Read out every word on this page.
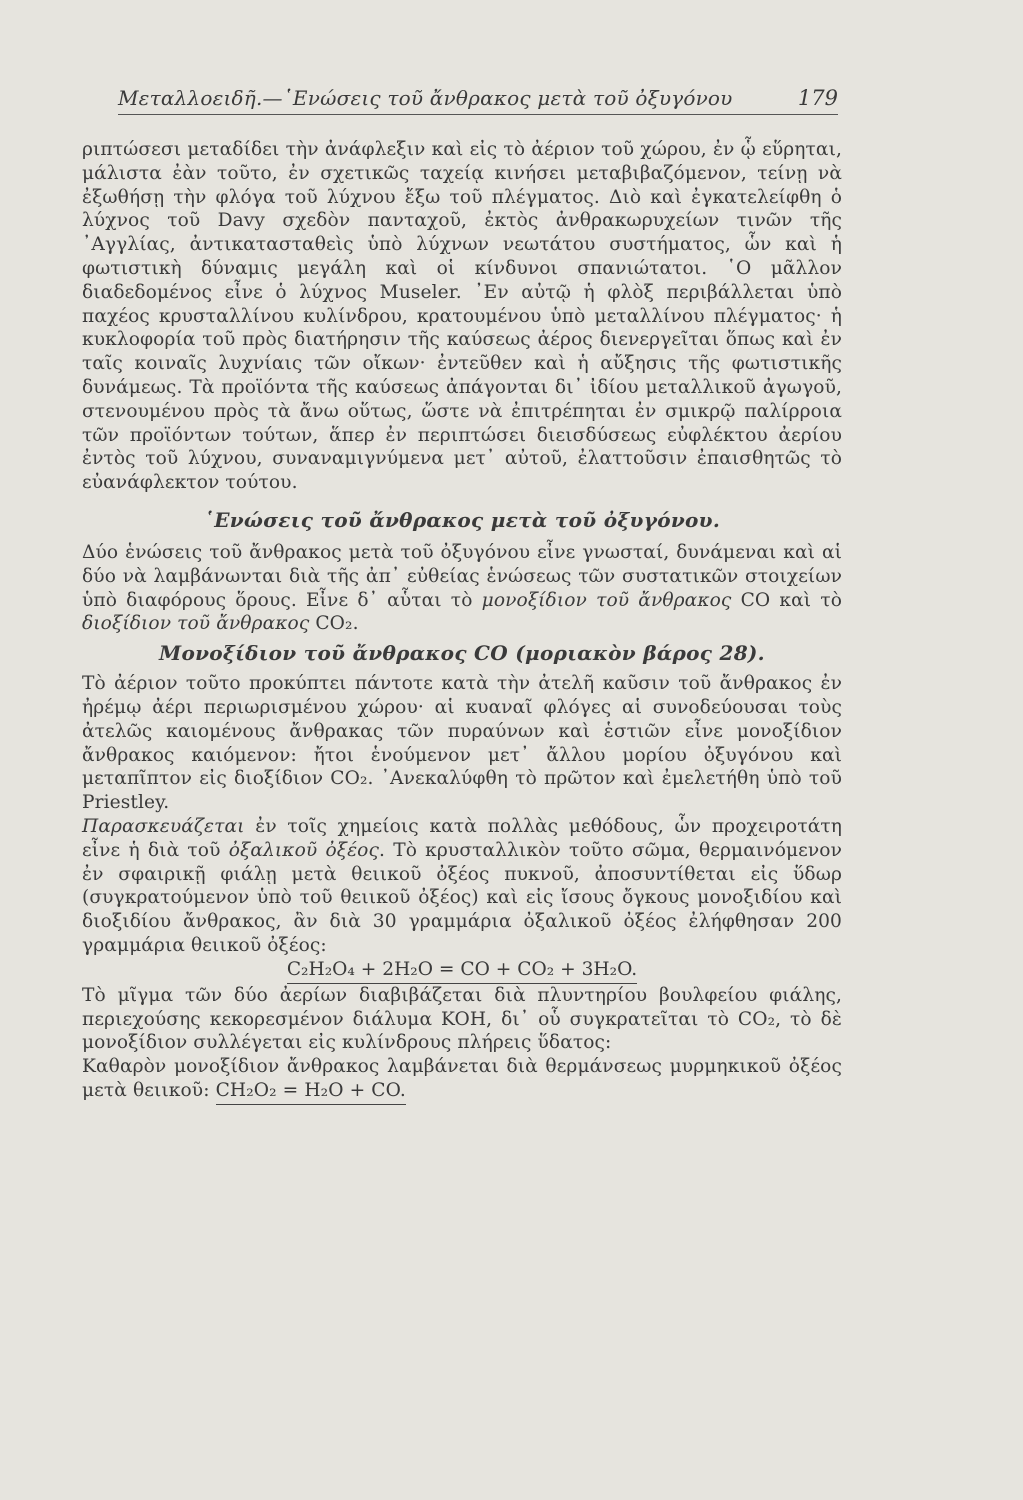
Μεταλλοειδῆ.—῾Ενώσεις τοῦ ἄνθρακος μετὰ τοῦ ὀξυγόνου	179

ριπτώσεσι μεταδίδει τὴν ἀνάφλεξιν καὶ εἰς τὸ ἀέριον τοῦ χώρου, ἐν ᾧ εὕρηται, μάλιστα ἐὰν τοῦτο, ἐν σχετικῶς ταχείᾳ κινήσει μεταβιβαζόμενον, τείνῃ νὰ ἐξωθήσῃ τὴν φλόγα τοῦ λύχνου ἔξω τοῦ πλέγματος. Διὸ καὶ ἐγκατελείφθη ὁ λύχνος τοῦ Davy σχεδὸν πανταχοῦ, ἐκτὸς ἀνθρακωρυχείων τινῶν τῆς ᾿Αγγλίας, ἀντικατασταθεὶς ὑπὸ λύχνων νεωτάτου συστήματος, ὧν καὶ ἡ φωτιστικὴ δύναμις μεγάλη καὶ οἱ κίνδυνοι σπανιώτατοι. ῾Ο μᾶλλον διαδεδομένος εἶνε ὁ λύχνος Museler. ᾿Εν αὐτῷ ἡ φλὸξ περιβάλλεται ὑπὸ παχέος κρυσταλλίνου κυλίνδρου, κρατουμένου ὑπὸ μεταλλίνου πλέγματος· ἡ κυκλοφορία τοῦ πρὸς διατήρησιν τῆς καύσεως ἀέρος διενεργεῖται ὅπως καὶ ἐν ταῖς κοιναῖς λυχνίαις τῶν οἴκων· ἐντεῦθεν καὶ ἡ αὔξησις τῆς φωτιστικῆς δυνάμεως. Τὰ προϊόντα τῆς καύσεως ἀπάγονται δι᾿ ἰδίου μεταλλικοῦ ἀγωγοῦ, στενουμένου πρὸς τὰ ἄνω οὕτως, ὥστε νὰ ἐπιτρέπηται ἐν σμικρῷ παλίρροια τῶν προϊόντων τούτων, ἅπερ ἐν περιπτώσει διεισδύσεως εὐφλέκτου ἀερίου ἐντὸς τοῦ λύχνου, συναναμιγνύμενα μετ᾿ αὐτοῦ, ἐλαττοῦσιν ἐπαισθητῶς τὸ εὐανάφλεκτον τούτου.

῾Ενώσεις τοῦ ἄνθρακος μετὰ τοῦ ὀξυγόνου.

Δύο ἑνώσεις τοῦ ἄνθρακος μετὰ τοῦ ὀξυγόνου εἶνε γνωσταί, δυνάμεναι καὶ αἱ δύο νὰ λαμβάνωνται διὰ τῆς ἀπ᾿ εὐθείας ἑνώσεως τῶν συστατικῶν στοιχείων ὑπὸ διαφόρους ὅρους. Εἶνε δ᾿ αὗται τὸ μονοξίδιον τοῦ ἄνθρακος CO καὶ τὸ διοξίδιον τοῦ ἄνθρακος CO₂.

Μονοξίδιον τοῦ ἄνθρακος CO (μοριακὸν βάρος 28).

Τὸ ἀέριον τοῦτο προκύπτει πάντοτε κατὰ τὴν ἀτελῆ καῦσιν τοῦ ἄνθρακος ἐν ἠρέμῳ ἀέρι περιωρισμένου χώρου· αἱ κυαναῖ φλόγες αἱ συνοδεύουσαι τοὺς ἀτελῶς καιομένους ἄνθρακας τῶν πυραύνων καὶ ἑστιῶν εἶνε μονοξίδιον ἄνθρακος καιόμενον: ἤτοι ἑνούμενον μετ᾿ ἄλλου μορίου ὀξυγόνου καὶ μεταπῖπτον εἰς διοξίδιον CO₂. ᾿Ανεκαλύφθη τὸ πρῶτον καὶ ἐμελετήθη ὑπὸ τοῦ Priestley.

Παρασκευάζεται ἐν τοῖς χημείοις κατὰ πολλὰς μεθόδους, ὧν προχειροτάτη εἶνε ἡ διὰ τοῦ ὀξαλικοῦ ὀξέος. Τὸ κρυσταλλικὸν τοῦτο σῶμα, θερμαινόμενον ἐν σφαιρικῇ φιάλῃ μετὰ θειικοῦ ὀξέος πυκνοῦ, ἀποσυντίθεται εἰς ὕδωρ (συγκρατούμενον ὑπὸ τοῦ θειικοῦ ὀξέος) καὶ εἰς ἴσους ὄγκους μονοξιδίου καὶ διοξιδίου ἄνθρακος, ἂν διὰ 30 γραμμάρια ὀξαλικοῦ ὀξέος ἐλήφθησαν 200 γραμμάρια θειικοῦ ὀξέος:

C₂H₂O₄ + 2H₂O = CO + CO₂ + 3H₂O.

Τὸ μῖγμα τῶν δύο ἀερίων διαβιβάζεται διὰ πλυντηρίου βουλφείου φιάλης, περιεχούσης κεκορεσμένον διάλυμα KOH, δι᾿ οὗ συγκρατεῖται τὸ CO₂, τὸ δὲ μονοξίδιον συλλέγεται εἰς κυλίνδρους πλήρεις ὕδατος:

Καθαρὸν μονοξίδιον ἄνθρακος λαμβάνεται διὰ θερμάνσεως μυρμηκικοῦ ὀξέος μετὰ θειικοῦ: CH₂O₂ = H₂O + CO.
